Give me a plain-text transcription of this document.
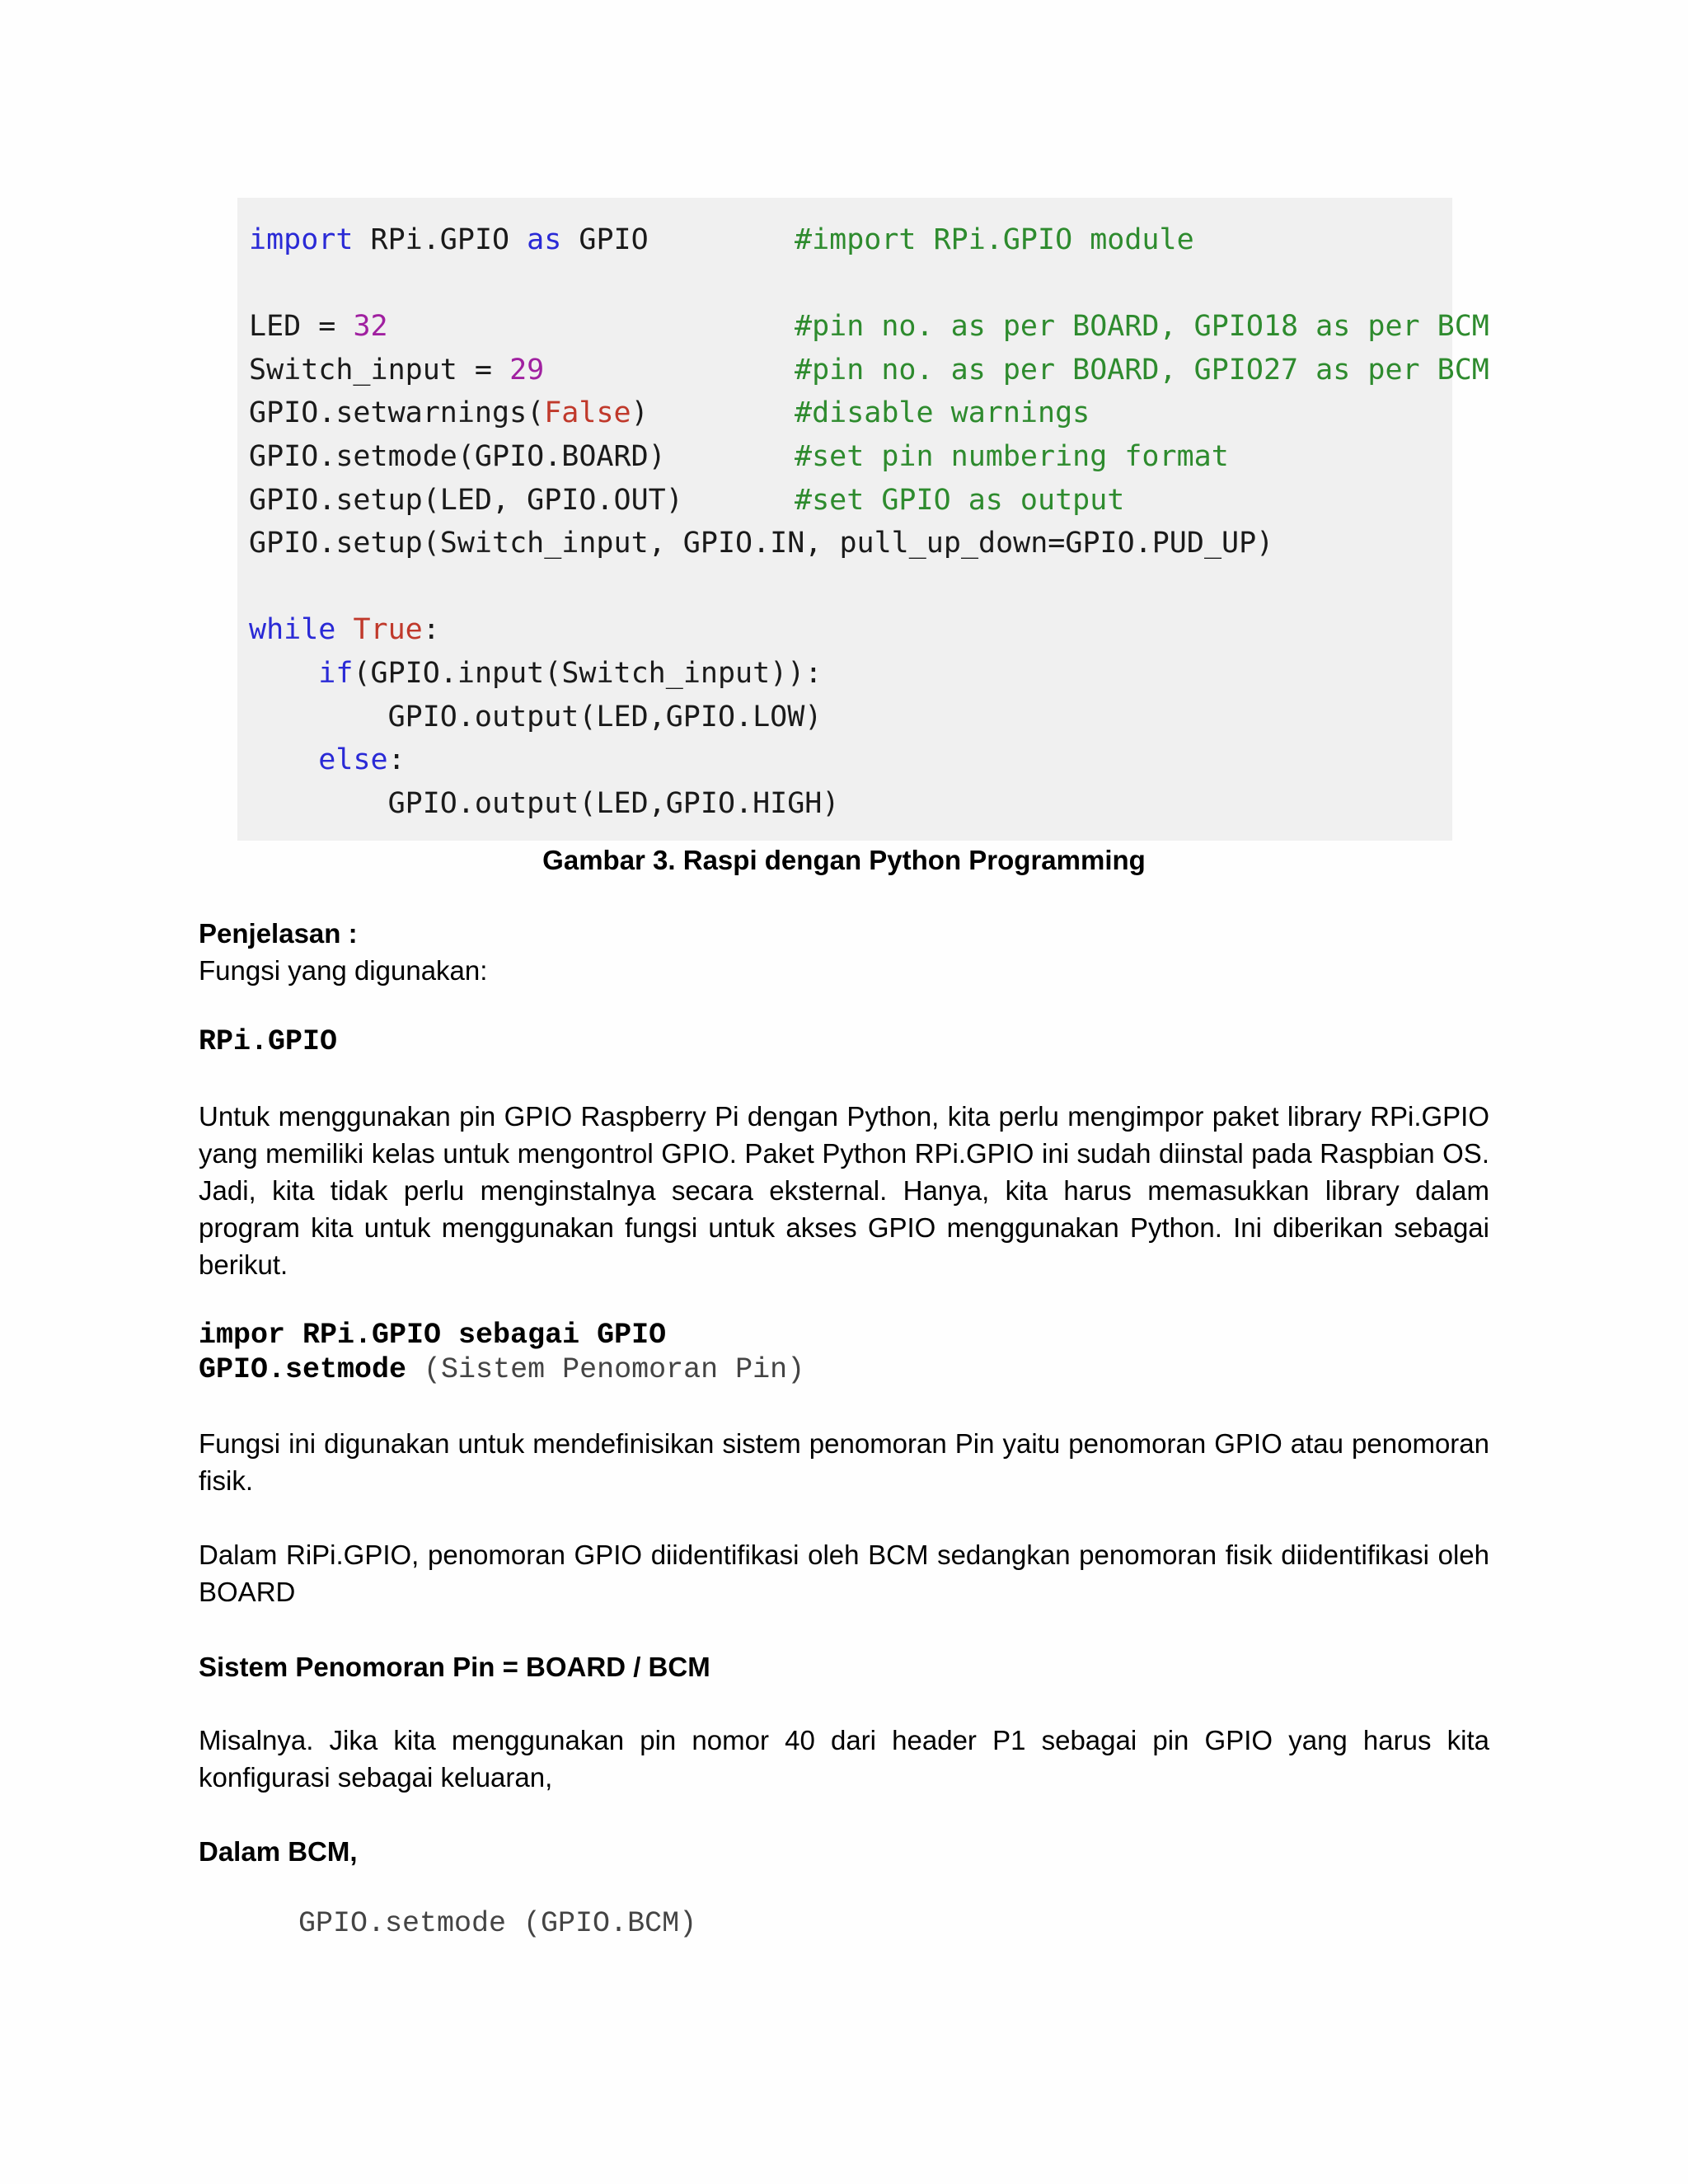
import RPi.GPIO as GPIO	#import RPi.GPIO module
LED = 32	#pin no. as per BOARD, GPIO18 as per BCM
Switch_input = 29	#pin no. as per BOARD, GPIO27 as per BCM
GPIO.setwarnings(False)	#disable warnings
GPIO.setmode(GPIO.BOARD)	#set pin numbering format
GPIO.setup(LED, GPIO.OUT)	#set GPIO as output
GPIO.setup(Switch_input, GPIO.IN, pull_up_down=GPIO.PUD_UP)
while True:
if(GPIO.input(Switch_input)):
GPIO.output(LED,GPIO.LOW)
else:
GPIO.output(LED,GPIO.HIGH)
Gambar 3. Raspi dengan Python Programming
Penjelasan :
Fungsi yang digunakan:
RPi.GPIO
Untuk menggunakan pin GPIO Raspberry Pi dengan Python, kita perlu mengimpor paket library RPi.GPIO yang memiliki kelas untuk mengontrol GPIO. Paket Python RPi.GPIO ini sudah diinstal pada Raspbian OS. Jadi, kita tidak perlu menginstalnya secara eksternal. Hanya, kita harus memasukkan library dalam program kita untuk menggunakan fungsi untuk akses GPIO menggunakan Python. Ini diberikan sebagai berikut.
impor RPi.GPIO sebagai GPIO
GPIO.setmode (Sistem Penomoran Pin)
Fungsi ini digunakan untuk mendefinisikan sistem penomoran Pin yaitu penomoran GPIO atau penomoran fisik.
Dalam RiPi.GPIO, penomoran GPIO diidentifikasi oleh BCM sedangkan penomoran fisik diidentifikasi oleh BOARD
Sistem Penomoran Pin = BOARD / BCM
Misalnya. Jika kita menggunakan pin nomor 40 dari header P1 sebagai pin GPIO yang harus kita konfigurasi sebagai keluaran,
Dalam BCM,
GPIO.setmode (GPIO.BCM)
